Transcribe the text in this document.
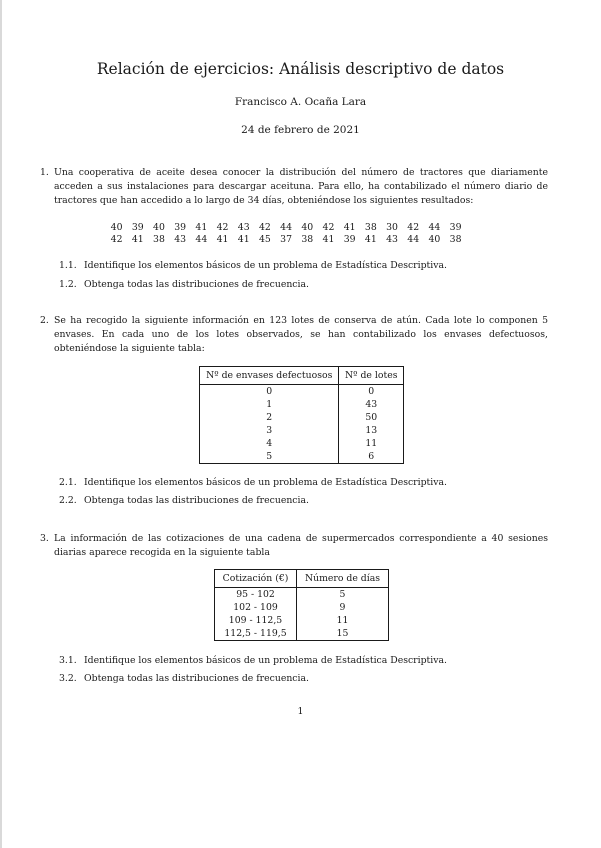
Relación de ejercicios: Análisis descriptivo de datos
Francisco A. Ocaña Lara
24 de febrero de 2021
1. Una cooperativa de aceite desea conocer la distribución del número de tractores que diariamente acceden a sus instalaciones para descargar aceituna. Para ello, ha contabilizado el número diario de tractores que han accedido a lo largo de 34 días, obteniéndose los siguientes resultados:
40	39	40	39	41	42	43	42	44	40	42	41	38	30	42	44	39
42	41	38	43	44	41	41	45	37	38	41	39	41	43	44	40	38
1.1. Identifique los elementos básicos de un problema de Estadística Descriptiva.
1.2. Obtenga todas las distribuciones de frecuencia.
2. Se ha recogido la siguiente información en 123 lotes de conserva de atún. Cada lote lo componen 5 envases. En cada uno de los lotes observados, se han contabilizado los envases defectuosos, obteniéndose la siguiente tabla:
Nº de envases defectuosos	Nº de lotes
0	0
1	43
2	50
3	13
4	11
5	6
2.1. Identifique los elementos básicos de un problema de Estadística Descriptiva.
2.2. Obtenga todas las distribuciones de frecuencia.
3. La información de las cotizaciones de una cadena de supermercados correspondiente a 40 sesiones diarias aparece recogida en la siguiente tabla
Cotización (€)	Número de días
95 - 102	5
102 - 109	9
109 - 112,5	11
112,5 - 119,5	15
3.1. Identifique los elementos básicos de un problema de Estadística Descriptiva.
3.2. Obtenga todas las distribuciones de frecuencia.
1
